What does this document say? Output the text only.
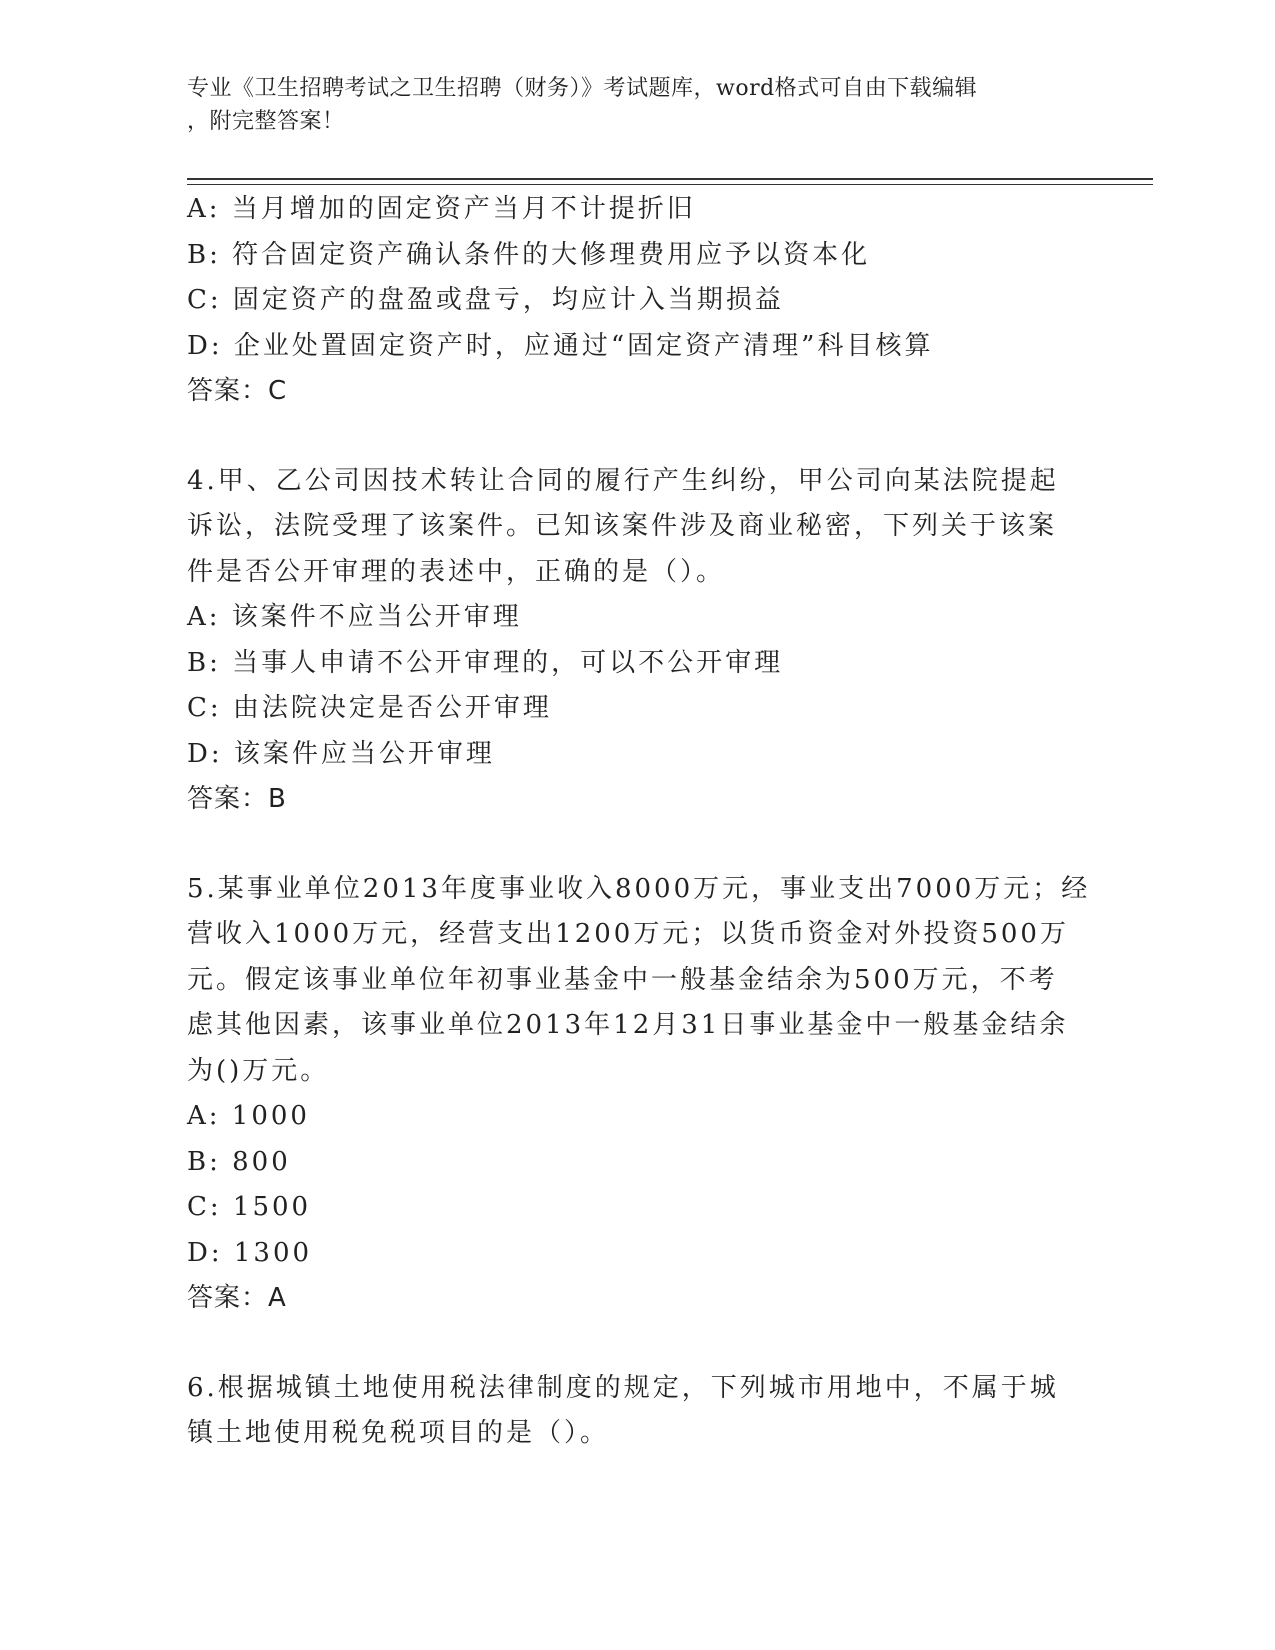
专业《卫生招聘考试之卫生招聘（财务）》考试题库，word格式可自由下载编辑
，附完整答案！
A: 当月增加的固定资产当月不计提折旧
B: 符合固定资产确认条件的大修理费用应予以资本化
C: 固定资产的盘盈或盘亏，均应计入当期损益
D: 企业处置固定资产时，应通过“固定资产清理”科目核算
答案：C
4.甲、乙公司因技术转让合同的履行产生纠纷，甲公司向某法院提起
诉讼，法院受理了该案件。已知该案件涉及商业秘密，下列关于该案
件是否公开审理的表述中，正确的是（）。
A: 该案件不应当公开审理
B: 当事人申请不公开审理的，可以不公开审理
C: 由法院决定是否公开审理
D: 该案件应当公开审理
答案：B
5.某事业单位2013年度事业收入8000万元，事业支出7000万元；经
营收入1000万元，经营支出1200万元；以货币资金对外投资500万
元。假定该事业单位年初事业基金中一般基金结余为500万元，不考
虑其他因素，该事业单位2013年12月31日事业基金中一般基金结余
为()万元。
A: 1000
B: 800
C: 1500
D: 1300
答案：A
6.根据城镇土地使用税法律制度的规定，下列城市用地中，不属于城
镇土地使用税免税项目的是（）。
